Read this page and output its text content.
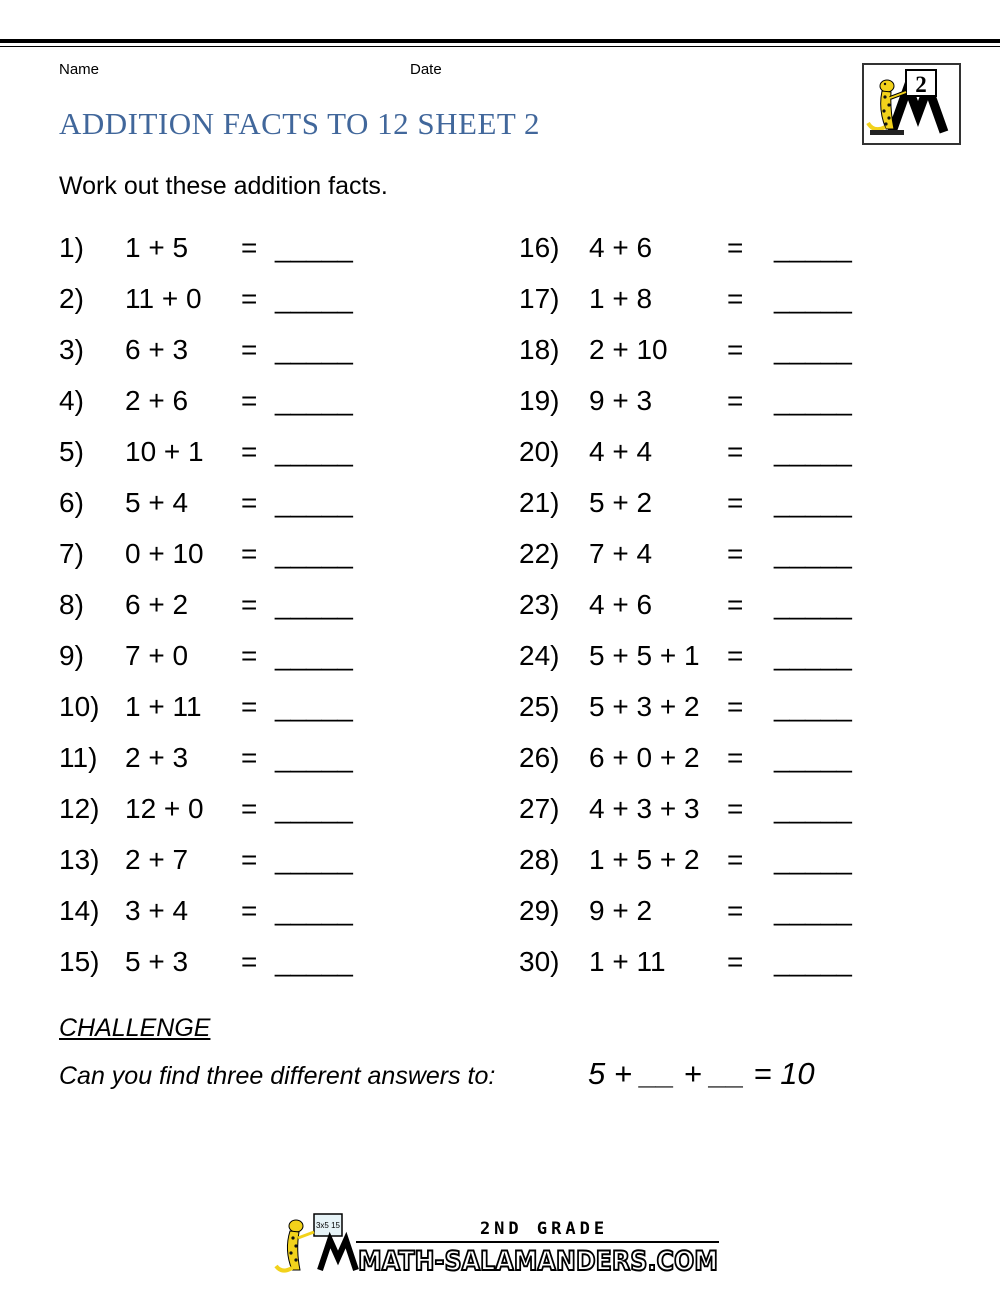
Name	Date
ADDITION FACTS TO 12 SHEET 2
2
Work out these addition facts.
1) 1 + 5 = _____
2) 11 + 0 = _____
3) 6 + 3 = _____
4) 2 + 6 = _____
5) 10 + 1 = _____
6) 5 + 4 = _____
7) 0 + 10 = _____
8) 6 + 2 = _____
9) 7 + 0 = _____
10) 1 + 11 = _____
11) 2 + 3 = _____
12) 12 + 0 = _____
13) 2 + 7 = _____
14) 3 + 4 = _____
15) 5 + 3 = _____
16) 4 + 6	= _____
17) 1 + 8	= _____
18) 2 + 10 = _____
19) 9 + 3	= _____
20) 4 + 4	= _____
21) 5 + 2	= _____
22) 7 + 4	= _____
23) 4 + 6	= _____
24) 5 + 5 + 1 = _____
25) 5 + 3 + 2 = _____
26) 6 + 0 + 2 = _____
27) 4 + 3 + 3 = _____
28) 1 + 5 + 2 = _____
29) 9 + 2	= _____
30) 1 + 11 = _____
CHALLENGE
Can you find three different answers to:	5 + __ + __ = 10
3x5 15	2ND GRADE
MATH-SALAMANDERS.COM
